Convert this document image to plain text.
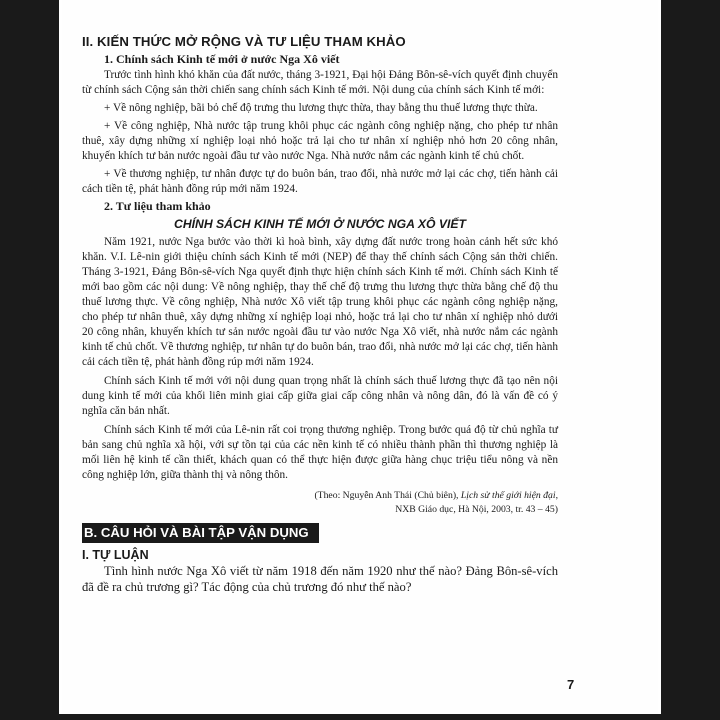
II. KIẾN THỨC MỞ RỘNG VÀ TƯ LIỆU THAM KHẢO
1. Chính sách Kinh tế mới ở nước Nga Xô viết

Trước tình hình khó khăn của đất nước, tháng 3-1921, Đại hội Đảng Bôn-sê-vích quyết định chuyển từ chính sách Cộng sản thời chiến sang chính sách Kinh tế mới. Nội dung của chính sách Kinh tế mới:

+ Về nông nghiệp, bãi bỏ chế độ trưng thu lương thực thừa, thay bằng thu thuế lương thực thừa.

+ Về công nghiệp, Nhà nước tập trung khôi phục các ngành công nghiệp nặng, cho phép tư nhân thuê, xây dựng những xí nghiệp loại nhỏ hoặc trả lại cho tư nhân xí nghiệp nhỏ hơn 20 công nhân, khuyến khích tư bản nước ngoài đầu tư vào nước Nga. Nhà nước nắm các ngành kinh tế chủ chốt.

+ Về thương nghiệp, tư nhân được tự do buôn bán, trao đổi, nhà nước mở lại các chợ, tiến hành cải cách tiền tệ, phát hành đồng rúp mới năm 1924.

2. Tư liệu tham khảo
CHÍNH SÁCH KINH TẾ MỚI Ở NƯỚC NGA XÔ VIẾT

Năm 1921, nước Nga bước vào thời kì hoà bình, xây dựng đất nước trong hoàn cảnh hết sức khó khăn. V.I. Lê-nin giới thiệu chính sách Kinh tế mới (NEP) để thay thế chính sách Cộng sản thời chiến. Tháng 3-1921, Đảng Bôn-sê-vích Nga quyết định thực hiện chính sách Kinh tế mới. Chính sách Kinh tế mới bao gồm các nội dung: Về nông nghiệp, thay thế chế độ trưng thu lương thực thừa bằng chế độ thu thuế lương thực. Về công nghiệp, Nhà nước Xô viết tập trung khôi phục các ngành công nghiệp nặng, cho phép tư nhân thuê, xây dựng những xí nghiệp loại nhỏ, hoặc trả lại cho tư nhân xí nghiệp nhỏ dưới 20 công nhân, khuyến khích tư sản nước ngoài đầu tư vào nước Nga Xô viết, nhà nước nắm các ngành kinh tế chủ chốt. Về thương nghiệp, tư nhân tự do buôn bán, trao đổi, nhà nước mở lại các chợ, tiến hành cải cách tiền tệ, phát hành đồng rúp mới năm 1924.

Chính sách Kinh tế mới với nội dung quan trọng nhất là chính sách thuế lương thực đã tạo nên nội dung kinh tế mới của khối liên minh giai cấp giữa giai cấp công nhân và nông dân, đó là vấn đề có ý nghĩa căn bản nhất.

Chính sách Kinh tế mới của Lê-nin rất coi trọng thương nghiệp. Trong bước quá độ từ chủ nghĩa tư bản sang chủ nghĩa xã hội, với sự tồn tại của các nền kinh tế có nhiều thành phần thì thương nghiệp là mối liên hệ kinh tế cần thiết, khách quan có thể thực hiện được giữa hàng chục triệu tiểu nông và nền công nghiệp lớn, giữa thành thị và nông thôn.

(Theo: Nguyễn Anh Thái (Chủ biên), Lịch sử thế giới hiện đại,
NXB Giáo dục, Hà Nội, 2003, tr. 43 – 45)
B. CÂU HỎI VÀ BÀI TẬP VẬN DỤNG
I. TỰ LUẬN

Tình hình nước Nga Xô viết từ năm 1918 đến năm 1920 như thế nào? Đảng Bôn-sê-vích đã đề ra chủ trương gì? Tác động của chủ trương đó như thế nào?

7
